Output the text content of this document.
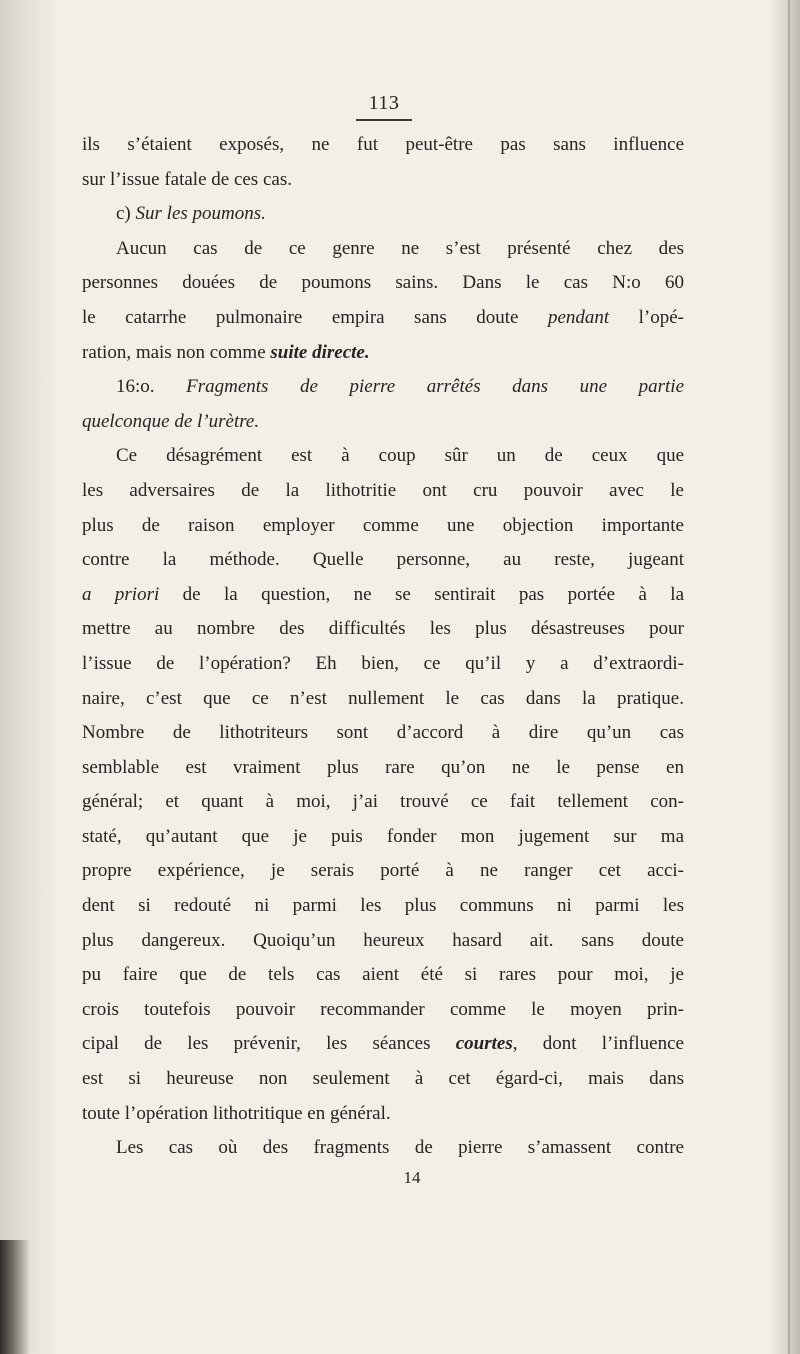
113
ils s’étaient exposés, ne fut peut-être pas sans influence
sur l’issue fatale de ces cas.
c) Sur les poumons.
Aucun cas de ce genre ne s’est présenté chez des
personnes douées de poumons sains. Dans le cas N:o 60
le catarrhe pulmonaire empira sans doute pendant l’opé-
ration, mais non comme suite directe.
16:o. Fragments de pierre arrêtés dans une partie
quelconque de l’urètre.
Ce désagrément est à coup sûr un de ceux que
les adversaires de la lithotritie ont cru pouvoir avec le
plus de raison employer comme une objection importante
contre la méthode. Quelle personne, au reste, jugeant
a priori de la question, ne se sentirait pas portée à la
mettre au nombre des difficultés les plus désastreuses pour
l’issue de l’opération? Eh bien, ce qu’il y a d’extraordi-
naire, c’est que ce n’est nullement le cas dans la pratique.
Nombre de lithotriteurs sont d’accord à dire qu’un cas
semblable est vraiment plus rare qu’on ne le pense en
général; et quant à moi, j’ai trouvé ce fait tellement con-
staté, qu’autant que je puis fonder mon jugement sur ma
propre expérience, je serais porté à ne ranger cet acci-
dent si redouté ni parmi les plus communs ni parmi les
plus dangereux. Quoiqu’un heureux hasard ait. sans doute
pu faire que de tels cas aient été si rares pour moi, je
crois toutefois pouvoir recommander comme le moyen prin-
cipal de les prévenir, les séances courtes, dont l’influence
est si heureuse non seulement à cet égard-ci, mais dans
toute l’opération lithotritique en général.
Les cas où des fragments de pierre s’amassent contre
14
